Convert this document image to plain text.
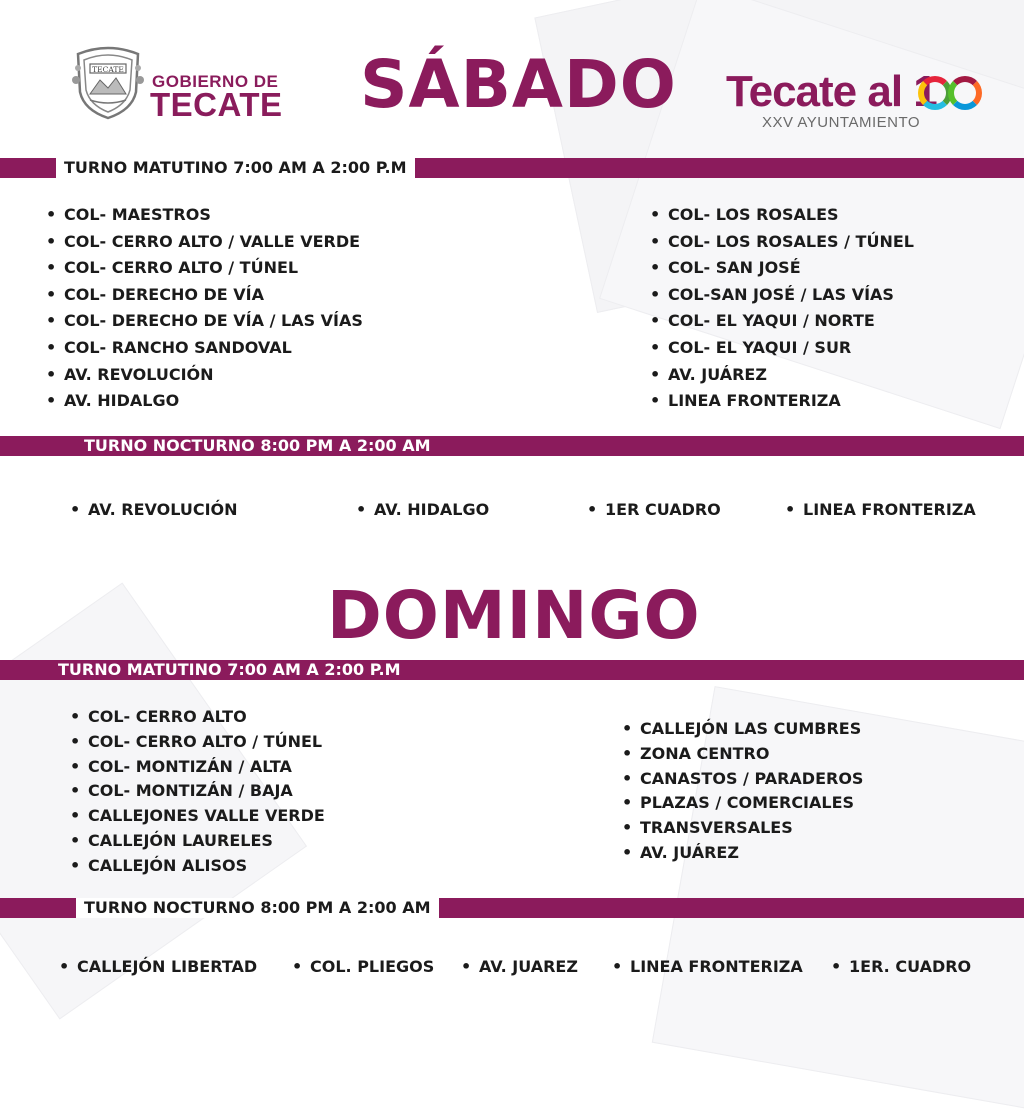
TECATE
GOBIERNO DE
TECATE SÁBADO Tecate al 1
XXV AYUNTAMIENTO
TURNO MATUTINO 7:00 AM A 2:00 P.M
• COL- MAESTROS
• COL- CERRO ALTO / VALLE VERDE
• COL- CERRO ALTO / TÚNEL
• COL- DERECHO DE VÍA
• COL- DERECHO DE VÍA / LAS VÍAS
• COL- RANCHO SANDOVAL
• AV. REVOLUCIÓN
• AV. HIDALGO
• COL- LOS ROSALES
• COL- LOS ROSALES / TÚNEL
• COL- SAN JOSÉ
• COL-SAN JOSÉ / LAS VÍAS
• COL- EL YAQUI / NORTE
• COL- EL YAQUI / SUR
• AV. JUÁREZ
• LINEA FRONTERIZA
TURNO NOCTURNO 8:00 PM A 2:00 AM
• AV. REVOLUCIÓN	• AV. HIDALGO	• 1ER CUADRO	• LINEA FRONTERIZA
DOMINGO
TURNO MATUTINO 7:00 AM A 2:00 P.M
• COL- CERRO ALTO
• COL- CERRO ALTO / TÚNEL
• COL- MONTIZÁN / ALTA
• COL- MONTIZÁN / BAJA
• CALLEJONES VALLE VERDE
• CALLEJÓN LAURELES
• CALLEJÓN ALISOS
• CALLEJÓN LAS CUMBRES
• ZONA CENTRO
• CANASTOS / PARADEROS
• PLAZAS / COMERCIALES
• TRANSVERSALES
• AV. JUÁREZ
TURNO NOCTURNO 8:00 PM A 2:00 AM
• CALLEJÓN LIBERTAD	• COL. PLIEGOS	• AV. JUAREZ	• LINEA FRONTERIZA	• 1ER. CUADRO
